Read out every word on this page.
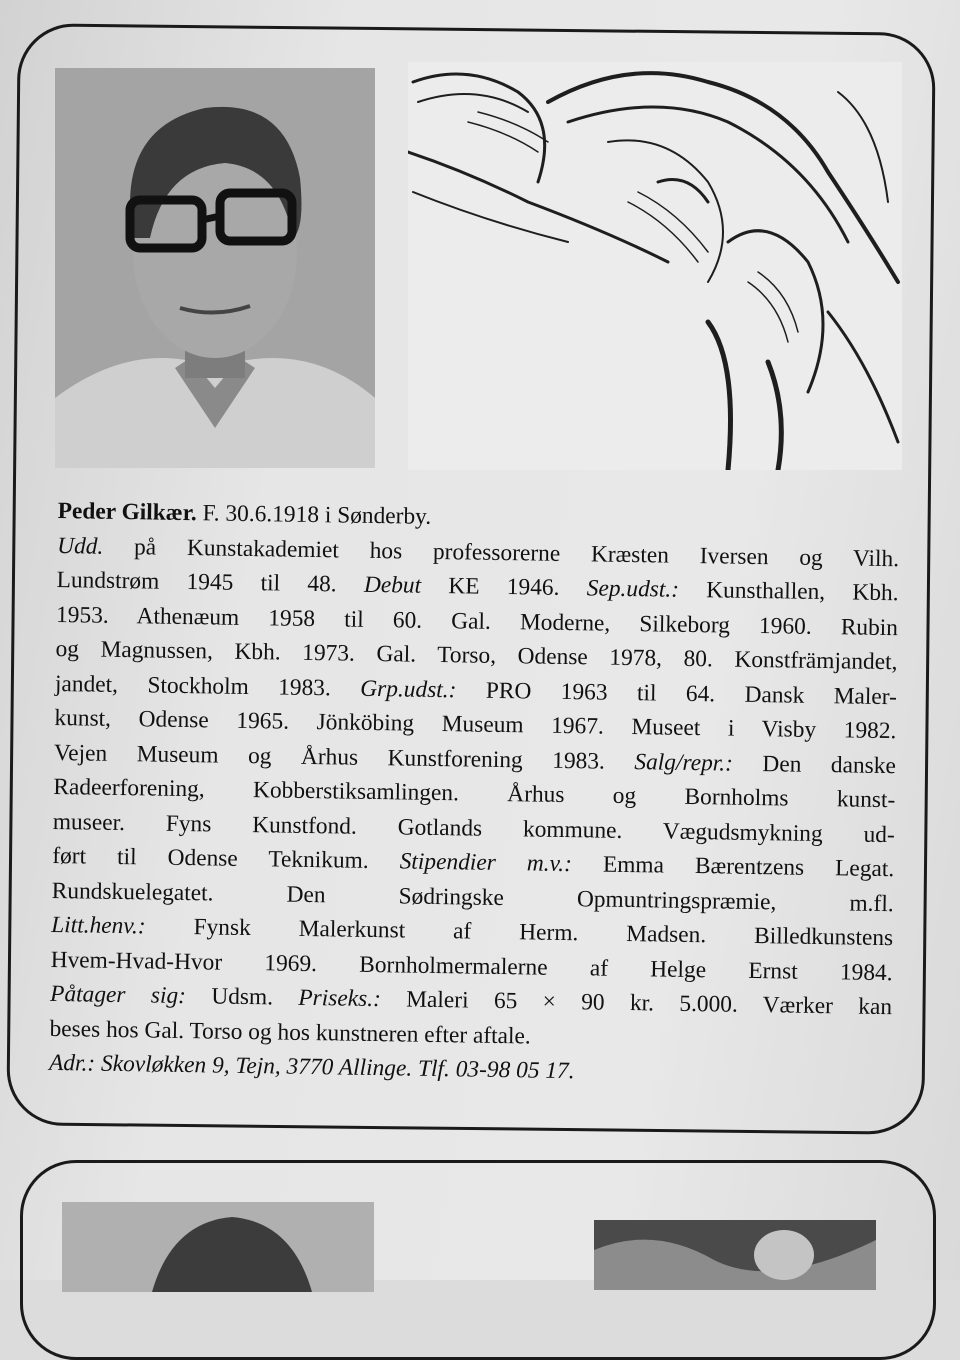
Peder Gilkær. F. 30.6.1918 i Sønderby.

Udd. på Kunstakademiet hos professorerne Kræsten Iversen og Vilh.

Lundstrøm 1945 til 48. Debut KE 1946. Sep.udst.: Kunsthallen, Kbh.

1953. Athenæum 1958 til 60. Gal. Moderne, Silkeborg 1960. Rubin

og Magnussen, Kbh. 1973. Gal. Torso, Odense 1978, 80. Konstfrämjandet,

jandet, Stockholm 1983. Grp.udst.: PRO 1963 til 64. Dansk Maler-

kunst, Odense 1965. Jönköbing Museum 1967. Museet i Visby 1982.

Vejen Museum og Århus Kunstforening 1983. Salg/repr.: Den danske

Radeerforening, Kobberstiksamlingen. Århus og Bornholms kunst-

museer. Fyns Kunstfond. Gotlands kommune. Vægudsmykning ud-

ført til Odense Teknikum. Stipendier m.v.: Emma Bærentzens Legat.

Rundskuelegatet. Den Sødringske Opmuntringspræmie, m.fl.

Litt.henv.: Fynsk Malerkunst af Herm. Madsen. Billedkunstens

Hvem-Hvad-Hvor 1969. Bornholmermalerne af Helge Ernst 1984.

Påtager sig: Udsm. Priseks.: Maleri 65 × 90 kr. 5.000. Værker kan

beses hos Gal. Torso og hos kunstneren efter aftale.

Adr.: Skovløkken 9, Tejn, 3770 Allinge. Tlf. 03-98 05 17.
